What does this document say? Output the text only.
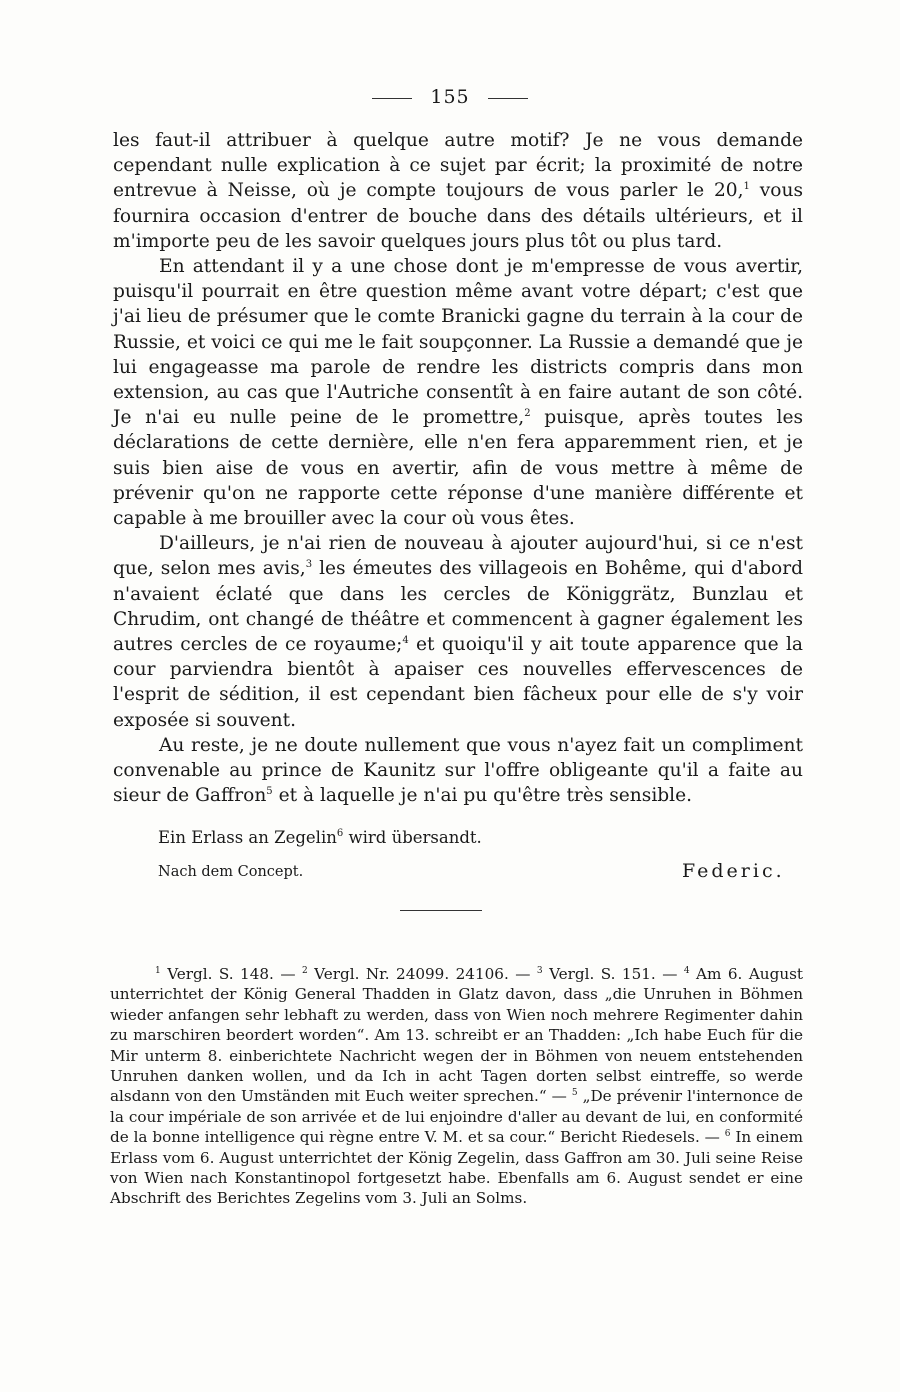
155

les faut-il attribuer à quelque autre motif? Je ne vous demande cependant nulle explication à ce sujet par écrit; la proximité de notre entrevue à Neisse, où je compte toujours de vous parler le 20,$^1$ vous fournira occasion d'entrer de bouche dans des détails ultérieurs, et il m'importe peu de les savoir quelques jours plus tôt ou plus tard.

En attendant il y a une chose dont je m'empresse de vous avertir, puisqu'il pourrait en être question même avant votre départ; c'est que j'ai lieu de présumer que le comte Branicki gagne du terrain à la cour de Russie, et voici ce qui me le fait soupçonner. La Russie a demandé que je lui engageasse ma parole de rendre les districts compris dans mon extension, au cas que l'Autriche consentît à en faire autant de son côté. Je n'ai eu nulle peine de le promettre,$^2$ puisque, après toutes les déclarations de cette dernière, elle n'en fera apparemment rien, et je suis bien aise de vous en avertir, afin de vous mettre à même de prévenir qu'on ne rapporte cette réponse d'une manière différente et capable à me brouiller avec la cour où vous êtes.

D'ailleurs, je n'ai rien de nouveau à ajouter aujourd'hui, si ce n'est que, selon mes avis,$^3$ les émeutes des villageois en Bohême, qui d'abord n'avaient éclaté que dans les cercles de Königgrätz, Bunzlau et Chrudim, ont changé de théâtre et commencent à gagner également les autres cercles de ce royaume;$^4$ et quoiqu'il y ait toute apparence que la cour parviendra bientôt à apaiser ces nouvelles effervescences de l'esprit de sédition, il est cependant bien fâcheux pour elle de s'y voir exposée si souvent.

Au reste, je ne doute nullement que vous n'ayez fait un compliment convenable au prince de Kaunitz sur l'offre obligeante qu'il a faite au sieur de Gaffron$^5$ et à laquelle je n'ai pu qu'être très sensible.

Ein Erlass an Zegelin$^6$ wird übersandt.
Nach dem Concept.	Federic.

$^1$ Vergl. S. 148. — $^2$ Vergl. Nr. 24099. 24106. — $^3$ Vergl. S. 151. — $^4$ Am 6. August unterrichtet der König General Thadden in Glatz davon, dass „die Unruhen in Böhmen wieder anfangen sehr lebhaft zu werden, dass von Wien noch mehrere Regimenter dahin zu marschiren beordert worden“. Am 13. schreibt er an Thadden: „Ich habe Euch für die Mir unterm 8. einberichtete Nachricht wegen der in Böhmen von neuem entstehenden Unruhen danken wollen, und da Ich in acht Tagen dorten selbst eintreffe, so werde alsdann von den Umständen mit Euch weiter sprechen.“ — $^5$ „De prévenir l'internonce de la cour impériale de son arrivée et de lui enjoindre d'aller au devant de lui, en conformité de la bonne intelligence qui règne entre V. M. et sa cour.“ Bericht Riedesels. — $^6$ In einem Erlass vom 6. August unterrichtet der König Zegelin, dass Gaffron am 30. Juli seine Reise von Wien nach Konstantinopol fortgesetzt habe. Ebenfalls am 6. August sendet er eine Abschrift des Berichtes Zegelins vom 3. Juli an Solms.
